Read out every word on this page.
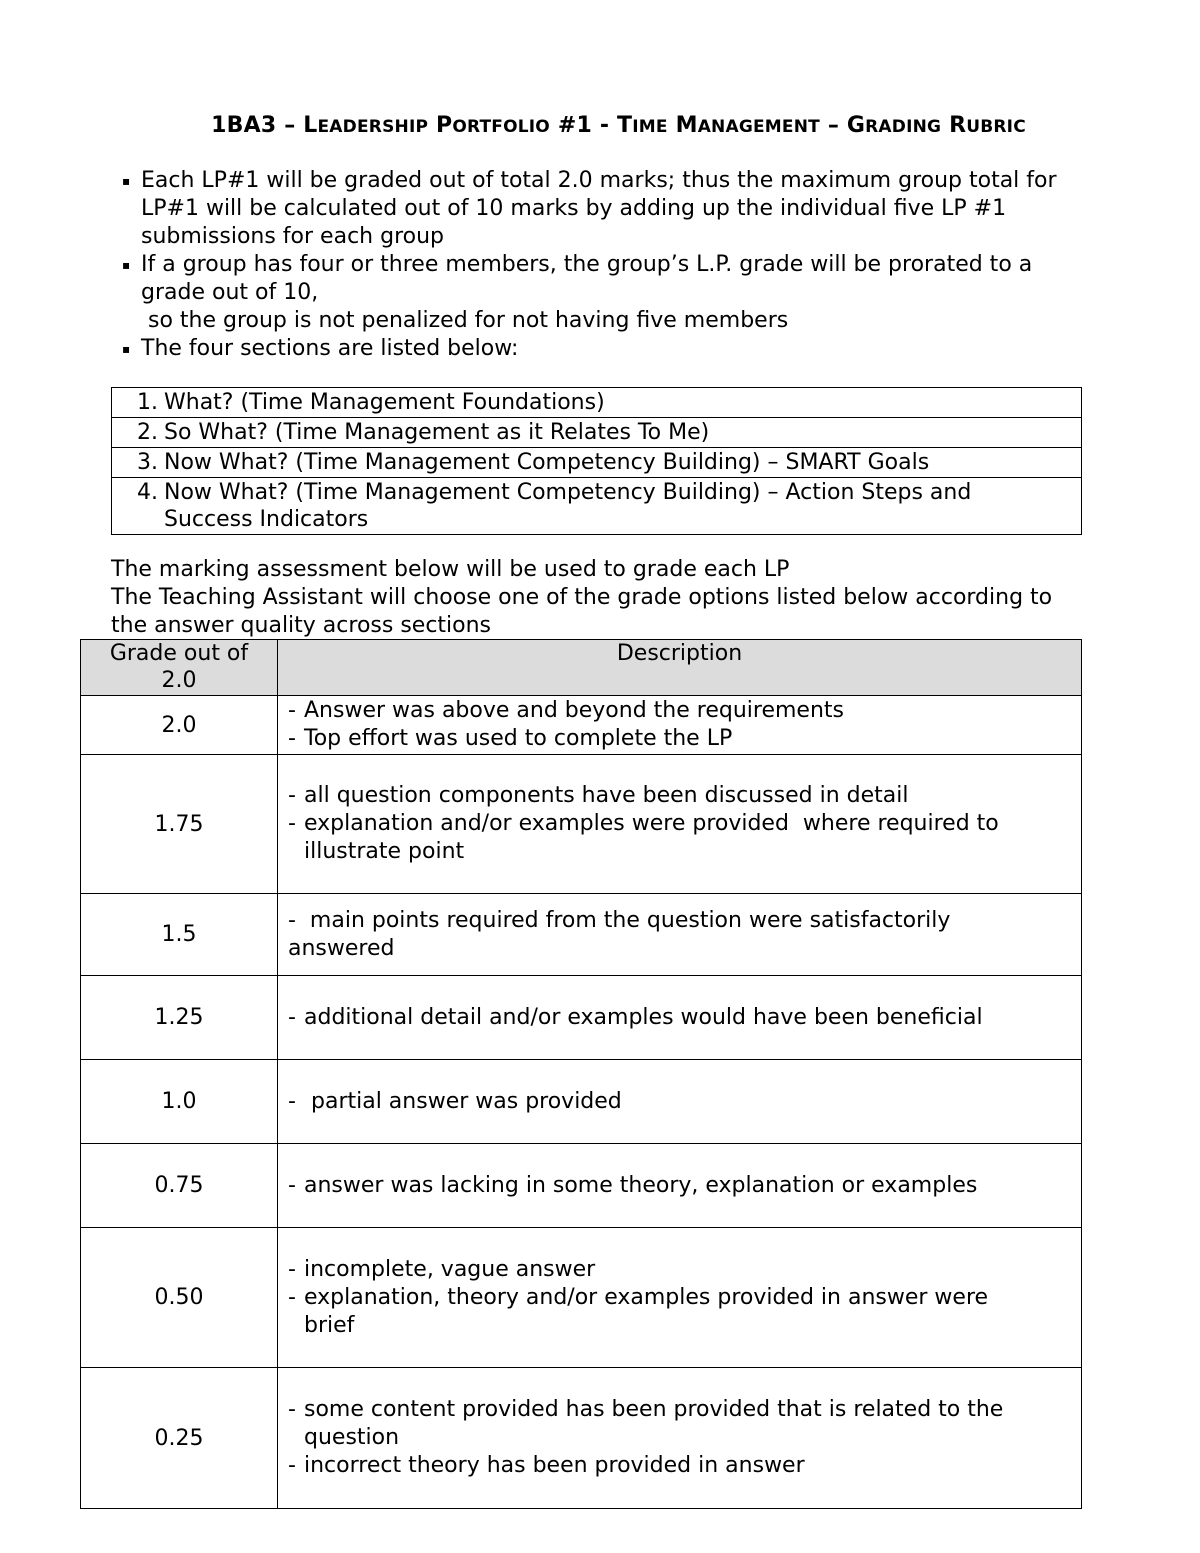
1BA3 – LEADERSHIP PORTFOLIO #1 - TIME MANAGEMENT – GRADING RUBRIC
▪ Each LP#1 will be graded out of total 2.0 marks; thus the maximum group total for
LP#1 will be calculated out of 10 marks by adding up the individual five LP #1
submissions for each group
▪ If a group has four or three members, the group’s L.P. grade will be prorated to a
grade out of 10,
so the group is not penalized for not having five members
▪ The four sections are listed below:
1. What? (Time Management Foundations)

2. So What? (Time Management as it Relates To Me)

3. Now What? (Time Management Competency Building) – SMART Goals

4. Now What? (Time Management Competency Building) – Action Steps and
Success Indicators
The marking assessment below will be used to grade each LP
The Teaching Assistant will choose one of the grade options listed below according to
the answer quality across sections
Grade out of
2.0	Description
2.0	- Answer was above and beyond the requirements
- Top effort was used to complete the LP

1.75	- all question components have been discussed in detail
- explanation and/or examples were provided  where required to
illustrate point

1.5	-  main points required from the question were satisfactorily
answered

1.25	- additional detail and/or examples would have been beneficial

1.0	- partial answer was provided

0.75	- answer was lacking in some theory, explanation or examples

0.50	- incomplete, vague answer
- explanation, theory and/or examples provided in answer were
brief

0.25	- some content provided has been provided that is related to the
question
- incorrect theory has been provided in answer
